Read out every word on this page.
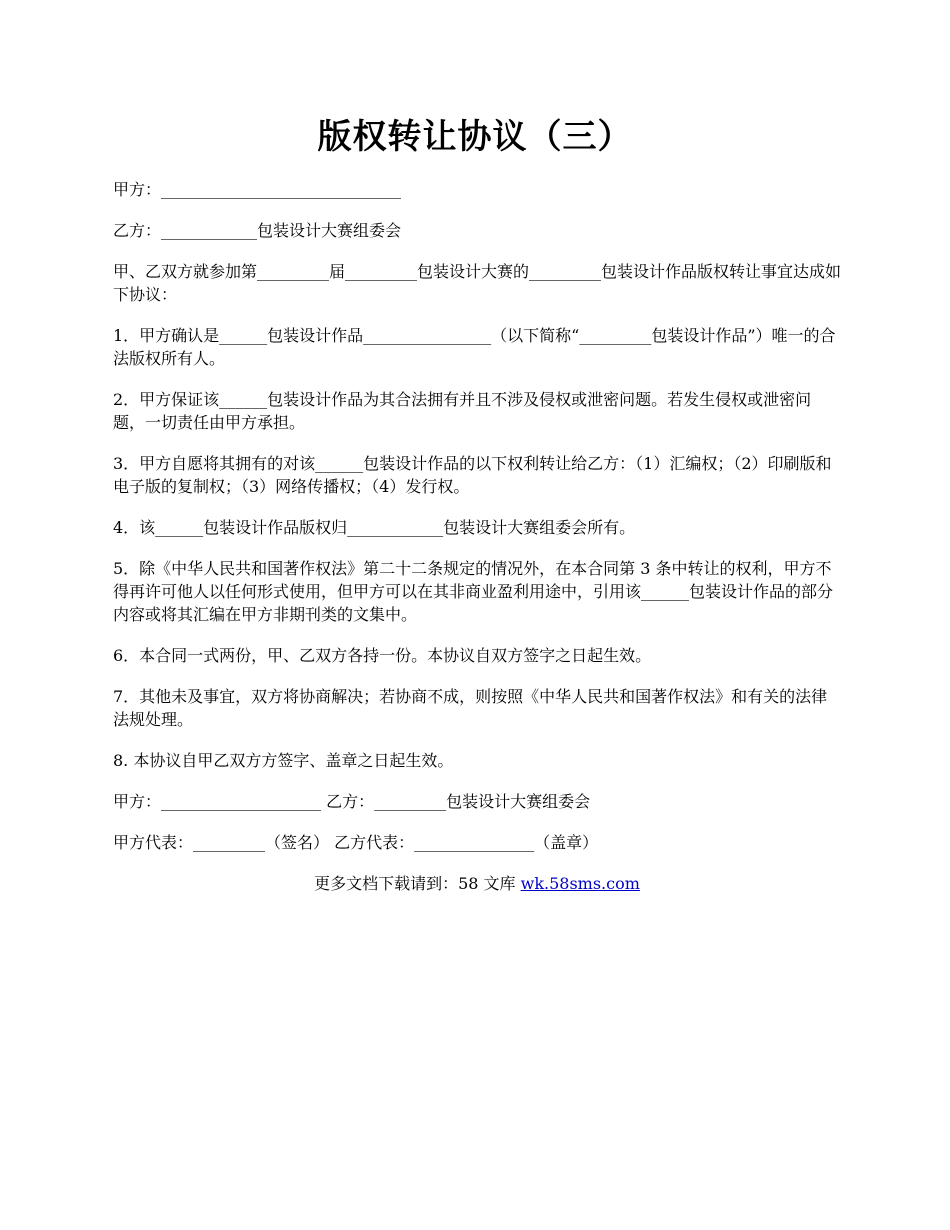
版权转让协议（三）

甲方：______________________________

乙方：____________包装设计大赛组委会

甲、乙双方就参加第_________届_________包装设计大赛的_________包装设计作品版权转让事宜达成如下协议：

1．甲方确认是______包装设计作品________________（以下简称“_________包装设计作品”）唯一的合法版权所有人。

2．甲方保证该______包装设计作品为其合法拥有并且不涉及侵权或泄密问题。若发生侵权或泄密问题，一切责任由甲方承担。

3．甲方自愿将其拥有的对该______包装设计作品的以下权利转让给乙方：（1）汇编权；（2）印刷版和电子版的复制权；（3）网络传播权；（4）发行权。

4．该______包装设计作品版权归____________包装设计大赛组委会所有。

5．除《中华人民共和国著作权法》第二十二条规定的情况外，在本合同第 3 条中转让的权利，甲方不得再许可他人以任何形式使用，但甲方可以在其非商业盈利用途中，引用该______包装设计作品的部分内容或将其汇编在甲方非期刊类的文集中。

6．本合同一式两份，甲、乙双方各持一份。本协议自双方签字之日起生效。

7．其他未及事宜，双方将协商解决；若协商不成，则按照《中华人民共和国著作权法》和有关的法律法规处理。

8. 本协议自甲乙双方方签字、盖章之日起生效。

甲方：____________________ 乙方：_________包装设计大赛组委会

甲方代表：_________（签名） 乙方代表：_______________（盖章）

更多文档下载请到：58 文库 wk.58sms.com
